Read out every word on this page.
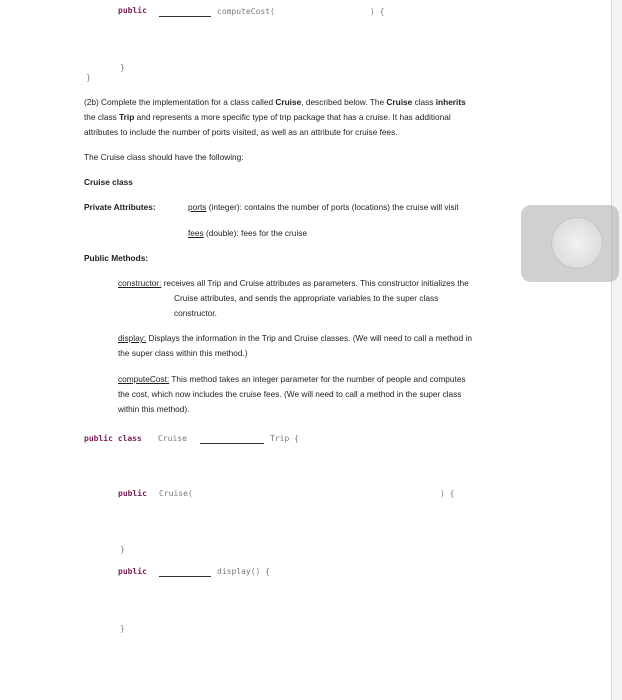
public	computeCost(	) {
}
}

(2b) Complete the implementation for a class called Cruise, described below. The Cruise class inherits

the class Trip and represents a more specific type of trip package that has a cruise. It has additional

attributes to include the number of ports visited, as well as an attribute for cruise fees.

The Cruise class should have the following:
Cruise class
Private Attributes:	ports (integer): contains the number of ports (locations) the cruise will visit
fees (double): fees for the cruise
Public Methods:

constructor: receives all Trip and Cruise attributes as parameters. This constructor initializes the

Cruise attributes, and sends the appropriate variables to the super class

constructor.

display: Displays the information in the Trip and Cruise classes. (We will need to call a method in

the super class within this method.)

computeCost: This method takes an integer parameter for the number of people and computes

the cost, which now includes the cruise fees. (We will need to call a method in the super class

within this method).

public class Cruise	Trip {
public Cruise(	) {
}
public	display() {
}
